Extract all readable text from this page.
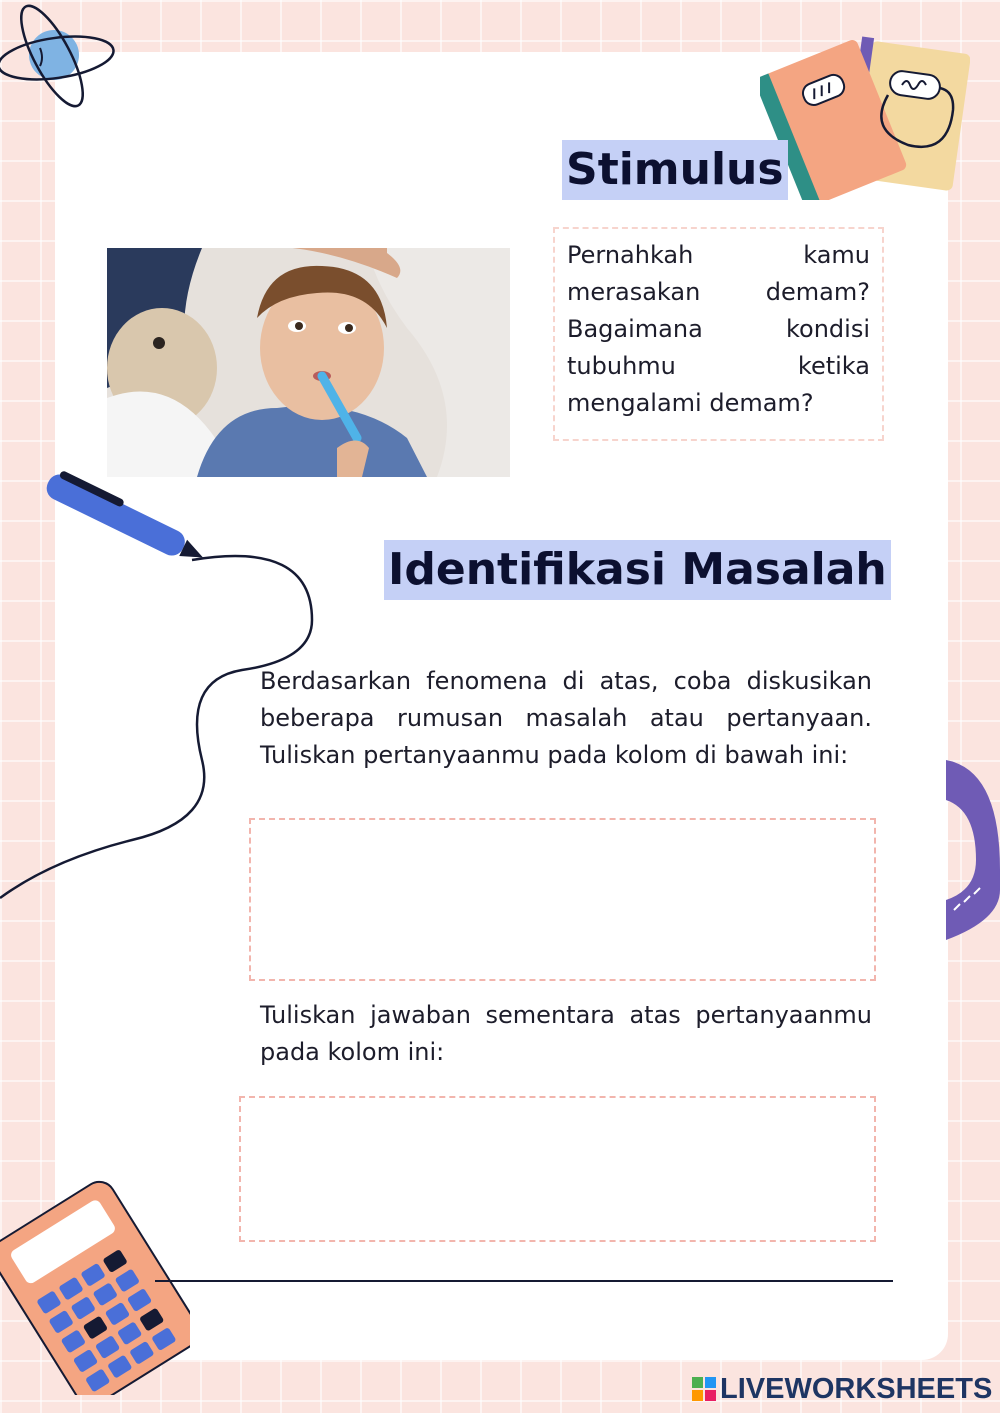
Stimulus

Pernahkah kamu merasakan demam? Bagaimana kondisi tubuhmu ketika mengalami demam?

Identifikasi Masalah

Berdasarkan fenomena di atas, coba diskusikan beberapa rumusan masalah atau pertanyaan. Tuliskan pertanyaanmu pada kolom di bawah ini:

Tuliskan jawaban sementara atas pertanyaanmu pada kolom ini:

LIVEWORKSHEETS
